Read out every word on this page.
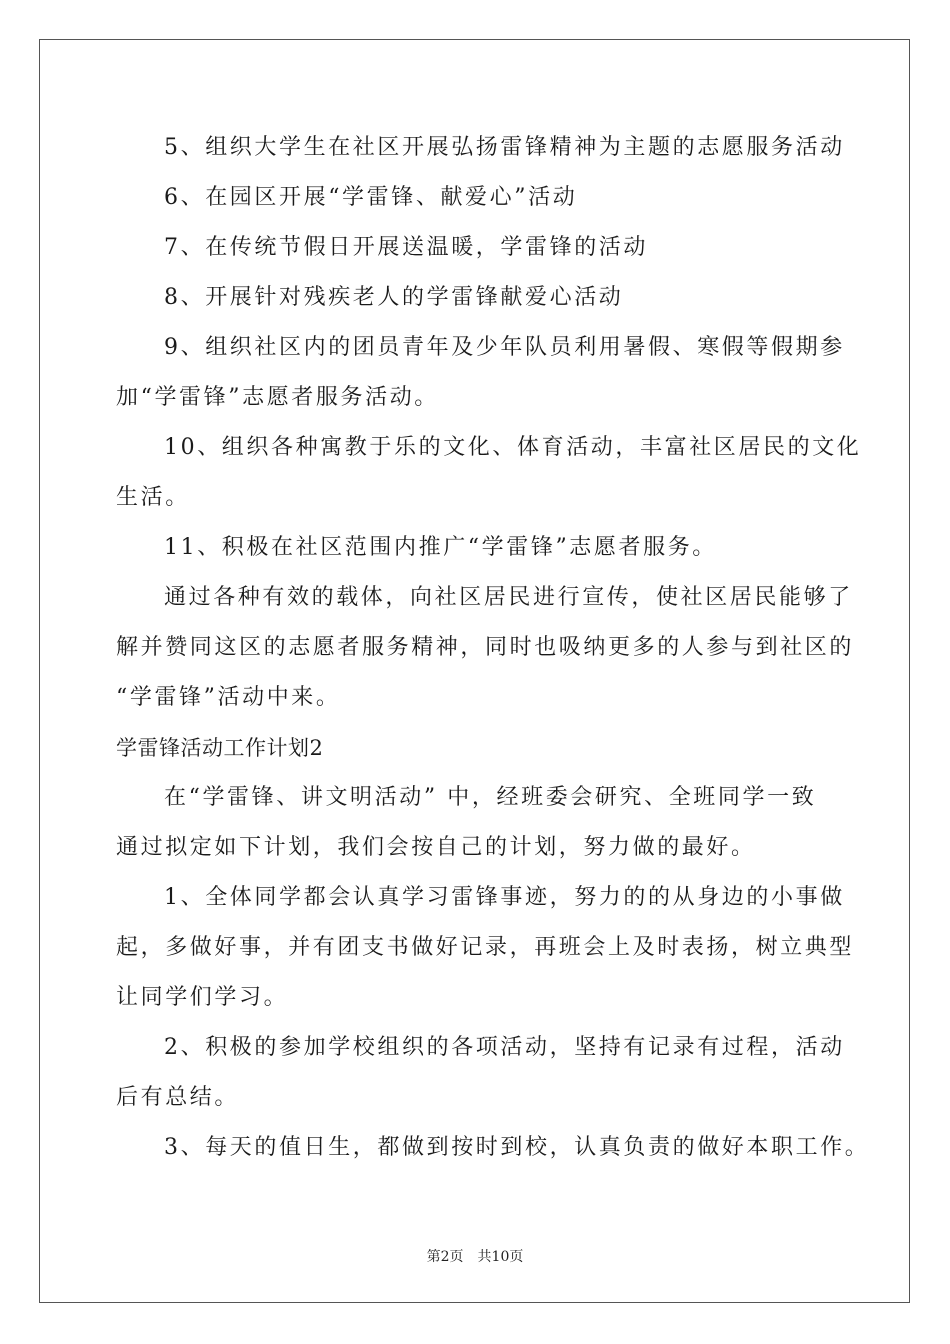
5、组织大学生在社区开展弘扬雷锋精神为主题的志愿服务活动
6、在园区开展“学雷锋、献爱心”活动
7、在传统节假日开展送温暖，学雷锋的活动
8、开展针对残疾老人的学雷锋献爱心活动
9、组织社区内的团员青年及少年队员利用暑假、寒假等假期参
加“学雷锋”志愿者服务活动。
10、组织各种寓教于乐的文化、体育活动，丰富社区居民的文化
生活。
11、积极在社区范围内推广“学雷锋”志愿者服务。
通过各种有效的载体，向社区居民进行宣传，使社区居民能够了
解并赞同这区的志愿者服务精神，同时也吸纳更多的人参与到社区的
“学雷锋”活动中来。
学雷锋活动工作计划2
在“学雷锋、讲文明活动” 中，经班委会研究、全班同学一致
通过拟定如下计划，我们会按自己的计划，努力做的最好。
1、全体同学都会认真学习雷锋事迹，努力的的从身边的小事做
起，多做好事，并有团支书做好记录，再班会上及时表扬，树立典型
让同学们学习。
2、积极的参加学校组织的各项活动，坚持有记录有过程，活动
后有总结。
3、每天的值日生，都做到按时到校，认真负责的做好本职工作。
第2页　共10页
